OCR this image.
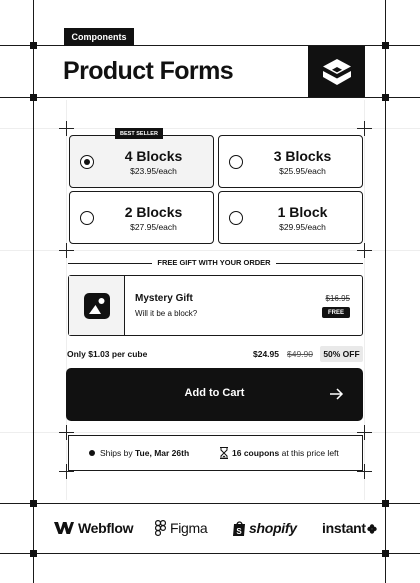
Components
Product Forms
4 Blocks
$23.95/each
BEST SELLER
3 Blocks
$25.95/each
2 Blocks
$27.95/each
1 Block
$29.95/each
FREE GIFT WITH YOUR ORDER
Mystery Gift
Will it be a block?
$16.95
FREE
Only $1.03 per cube	$24.95 $49.90	50% OFF
Add to Cart
Ships by Tue, Mar 26th	16 coupons at this price left
Webflow	Figma	S shopify instant
